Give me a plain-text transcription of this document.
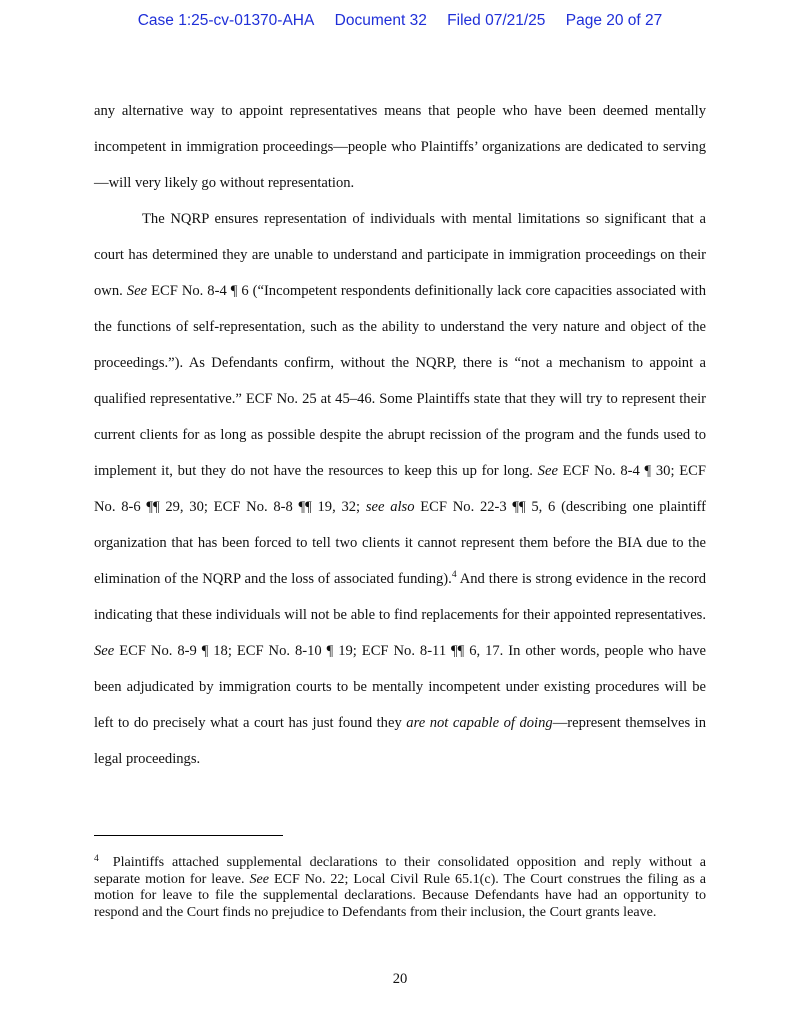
Case 1:25-cv-01370-AHA Document 32 Filed 07/21/25 Page 20 of 27

any alternative way to appoint representatives means that people who have been deemed mentally incompetent in immigration proceedings—people who Plaintiffs’ organizations are dedicated to serving—will very likely go without representation.

The NQRP ensures representation of individuals with mental limitations so significant that a court has determined they are unable to understand and participate in immigration proceedings on their own. See ECF No. 8-4 ¶ 6 (“Incompetent respondents definitionally lack core capacities associated with the functions of self-representation, such as the ability to understand the very nature and object of the proceedings.”). As Defendants confirm, without the NQRP, there is “not a mechanism to appoint a qualified representative.” ECF No. 25 at 45–46. Some Plaintiffs state that they will try to represent their current clients for as long as possible despite the abrupt recission of the program and the funds used to implement it, but they do not have the resources to keep this up for long. See ECF No. 8-4 ¶ 30; ECF No. 8-6 ¶¶ 29, 30; ECF No. 8-8 ¶¶ 19, 32; see also ECF No. 22-3 ¶¶ 5, 6 (describing one plaintiff organization that has been forced to tell two clients it cannot represent them before the BIA due to the elimination of the NQRP and the loss of associated funding).$^4$ And there is strong evidence in the record indicating that these individuals will not be able to find replacements for their appointed representatives. See ECF No. 8-9 ¶ 18; ECF No. 8-10 ¶ 19; ECF No. 8-11 ¶¶ 6, 17. In other words, people who have been adjudicated by immigration courts to be mentally incompetent under existing procedures will be left to do precisely what a court has just found they are not capable of doing—represent themselves in legal proceedings.

$^4$ Plaintiffs attached supplemental declarations to their consolidated opposition and reply without a separate motion for leave. See ECF No. 22; Local Civil Rule 65.1(c). The Court construes the filing as a motion for leave to file the supplemental declarations. Because Defendants have had an opportunity to respond and the Court finds no prejudice to Defendants from their inclusion, the Court grants leave.
20
